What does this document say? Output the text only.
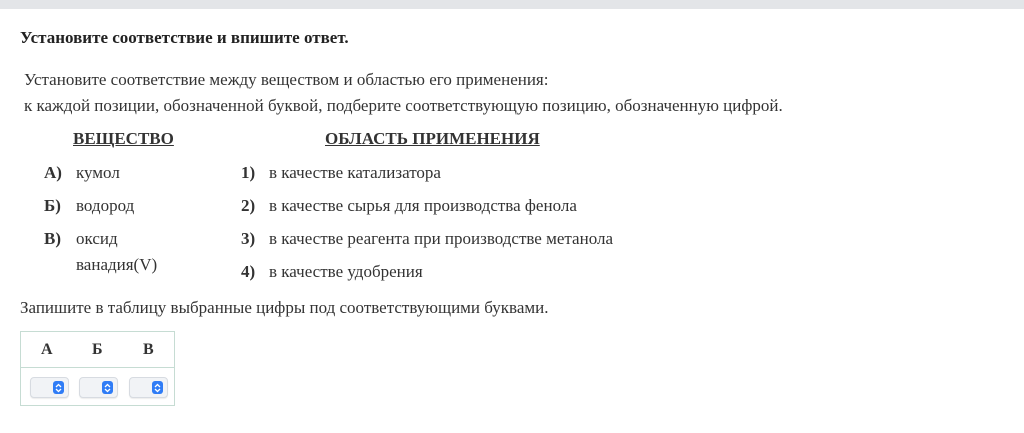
Установите соответствие и впишите ответ.
Установите соответствие между веществом и областью его применения:
к каждой позиции, обозначенной буквой, подберите соответствующую позицию, обозначенную цифрой.
ВЕЩЕСТВО	ОБЛАСТЬ ПРИМЕНЕНИЯ
А) кумол
Б) водород
В) оксид ванадия(V)
1) в качестве катализатора
2) в качестве сырья для производства фенола
3) в качестве реагента при производстве метанола
4) в качестве удобрения
Запишите в таблицу выбранные цифры под соответствующими буквами.
А Б	В
